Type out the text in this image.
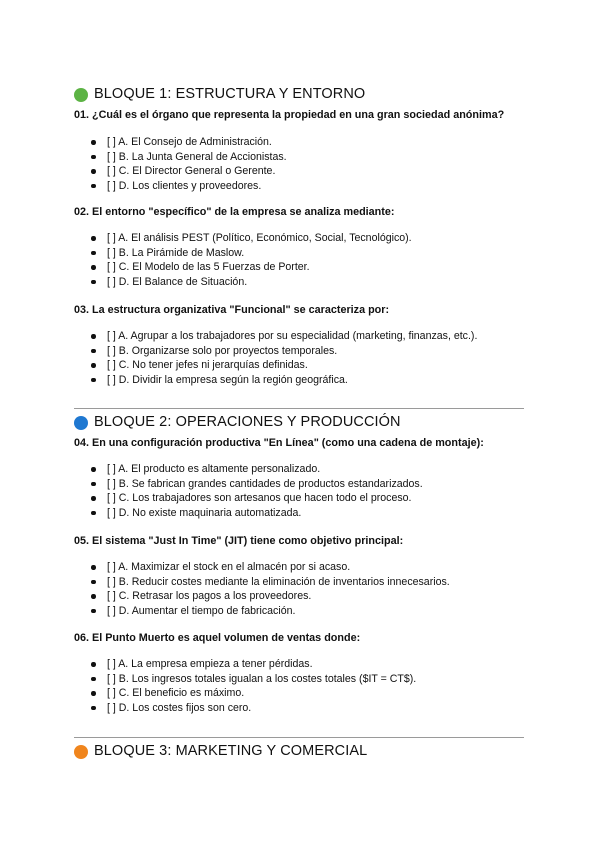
BLOQUE 1: ESTRUCTURA Y ENTORNO
01. ¿Cuál es el órgano que representa la propiedad en una gran sociedad anónima?
[ ] A. El Consejo de Administración.
[ ] B. La Junta General de Accionistas.
[ ] C. El Director General o Gerente.
[ ] D. Los clientes y proveedores.
02. El entorno "específico" de la empresa se analiza mediante:
[ ] A. El análisis PEST (Político, Económico, Social, Tecnológico).
[ ] B. La Pirámide de Maslow.
[ ] C. El Modelo de las 5 Fuerzas de Porter.
[ ] D. El Balance de Situación.
03. La estructura organizativa "Funcional" se caracteriza por:
[ ] A. Agrupar a los trabajadores por su especialidad (marketing, finanzas, etc.).
[ ] B. Organizarse solo por proyectos temporales.
[ ] C. No tener jefes ni jerarquías definidas.
[ ] D. Dividir la empresa según la región geográfica.
BLOQUE 2: OPERACIONES Y PRODUCCIÓN
04. En una configuración productiva "En Línea" (como una cadena de montaje):
[ ] A. El producto es altamente personalizado.
[ ] B. Se fabrican grandes cantidades de productos estandarizados.
[ ] C. Los trabajadores son artesanos que hacen todo el proceso.
[ ] D. No existe maquinaria automatizada.
05. El sistema "Just In Time" (JIT) tiene como objetivo principal:
[ ] A. Maximizar el stock en el almacén por si acaso.
[ ] B. Reducir costes mediante la eliminación de inventarios innecesarios.
[ ] C. Retrasar los pagos a los proveedores.
[ ] D. Aumentar el tiempo de fabricación.
06. El Punto Muerto es aquel volumen de ventas donde:
[ ] A. La empresa empieza a tener pérdidas.
[ ] B. Los ingresos totales igualan a los costes totales ($IT = CT$).
[ ] C. El beneficio es máximo.
[ ] D. Los costes fijos son cero.
BLOQUE 3: MARKETING Y COMERCIAL
